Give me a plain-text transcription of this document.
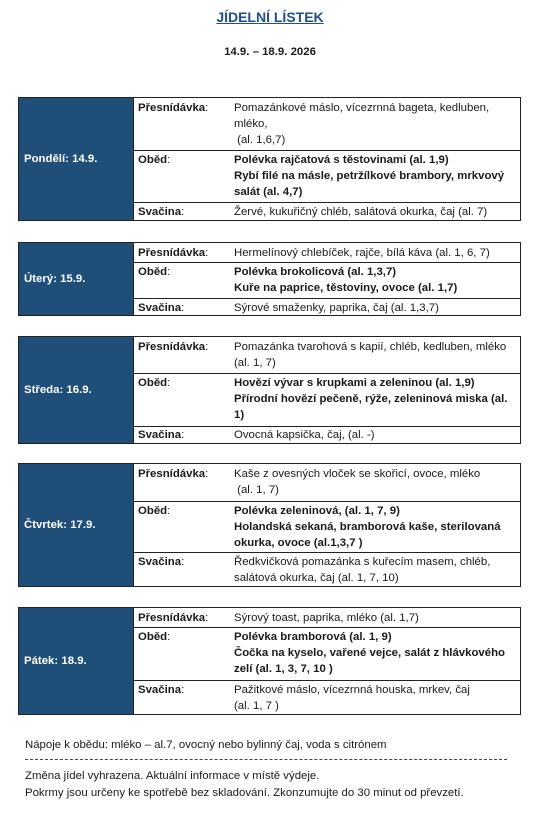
JÍDELNÍ LÍSTEK
14.9. – 18.9. 2026
Pondělí: 14.9.
Přesnídávka:	Pomazánkové máslo, vícezrnná bageta, kedluben, mléko,
(al. 1,6,7)
Oběd:	Polévka rajčatová s těstovinami (al. 1,9)
Rybí filé na másle, petržílkové brambory, mrkvový salát (al. 4,7)
Svačina:	Žervé, kukuřičný chléb, salátová okurka, čaj (al. 7)
Úterý: 15.9.
Přesnídávka:	Hermelínový chlebíček, rajče, bílá káva (al. 1, 6, 7)
Oběd:	Polévka brokolicová (al. 1,3,7)
Kuře na paprice, těstoviny, ovoce (al. 1,7)
Svačina:	Sýrové smaženky, paprika, čaj (al. 1,3,7)
Středa: 16.9.
Přesnídávka:	Pomazánka tvarohová s kapií, chléb, kedluben, mléko (al. 1, 7)
Oběd:	Hovězí vývar s krupkami a zeleninou (al. 1,9)
Přírodní hovězí pečeně, rýže, zeleninová miska (al. 1)
Svačina:	Ovocná kapsička, čaj, (al. -)
Čtvrtek: 17.9.
Přesnídávka:	Kaše z ovesných vloček se skořicí, ovoce, mléko
(al. 1, 7)
Oběd:	Polévka zeleninová, (al. 1, 7, 9)
Holandská sekaná, bramborová kaše, sterilovaná okurka, ovoce (al.1,3,7 )
Svačina:	Ředkvičková pomazánka s kuřecím masem, chléb, salátová okurka, čaj (al. 1, 7, 10)
Pátek: 18.9.
Přesnídávka:	Sýrový toast, paprika, mléko (al. 1,7)
Oběd:	Polévka bramborová (al. 1, 9)
Čočka na kyselo, vařené vejce, salát z hlávkového zelí (al. 1, 3, 7, 10 )
Svačina:	Pažitkové máslo, vícezrnná houska, mrkev, čaj
(al. 1, 7 )
Nápoje k obědu: mléko – al.7, ovocný nebo bylinný čaj, voda s citrónem
Změna jídel vyhrazena. Aktuální informace v místě výdeje.
Pokrmy jsou určeny ke spotřebě bez skladování. Zkonzumujte do 30 minut od převzetí.
